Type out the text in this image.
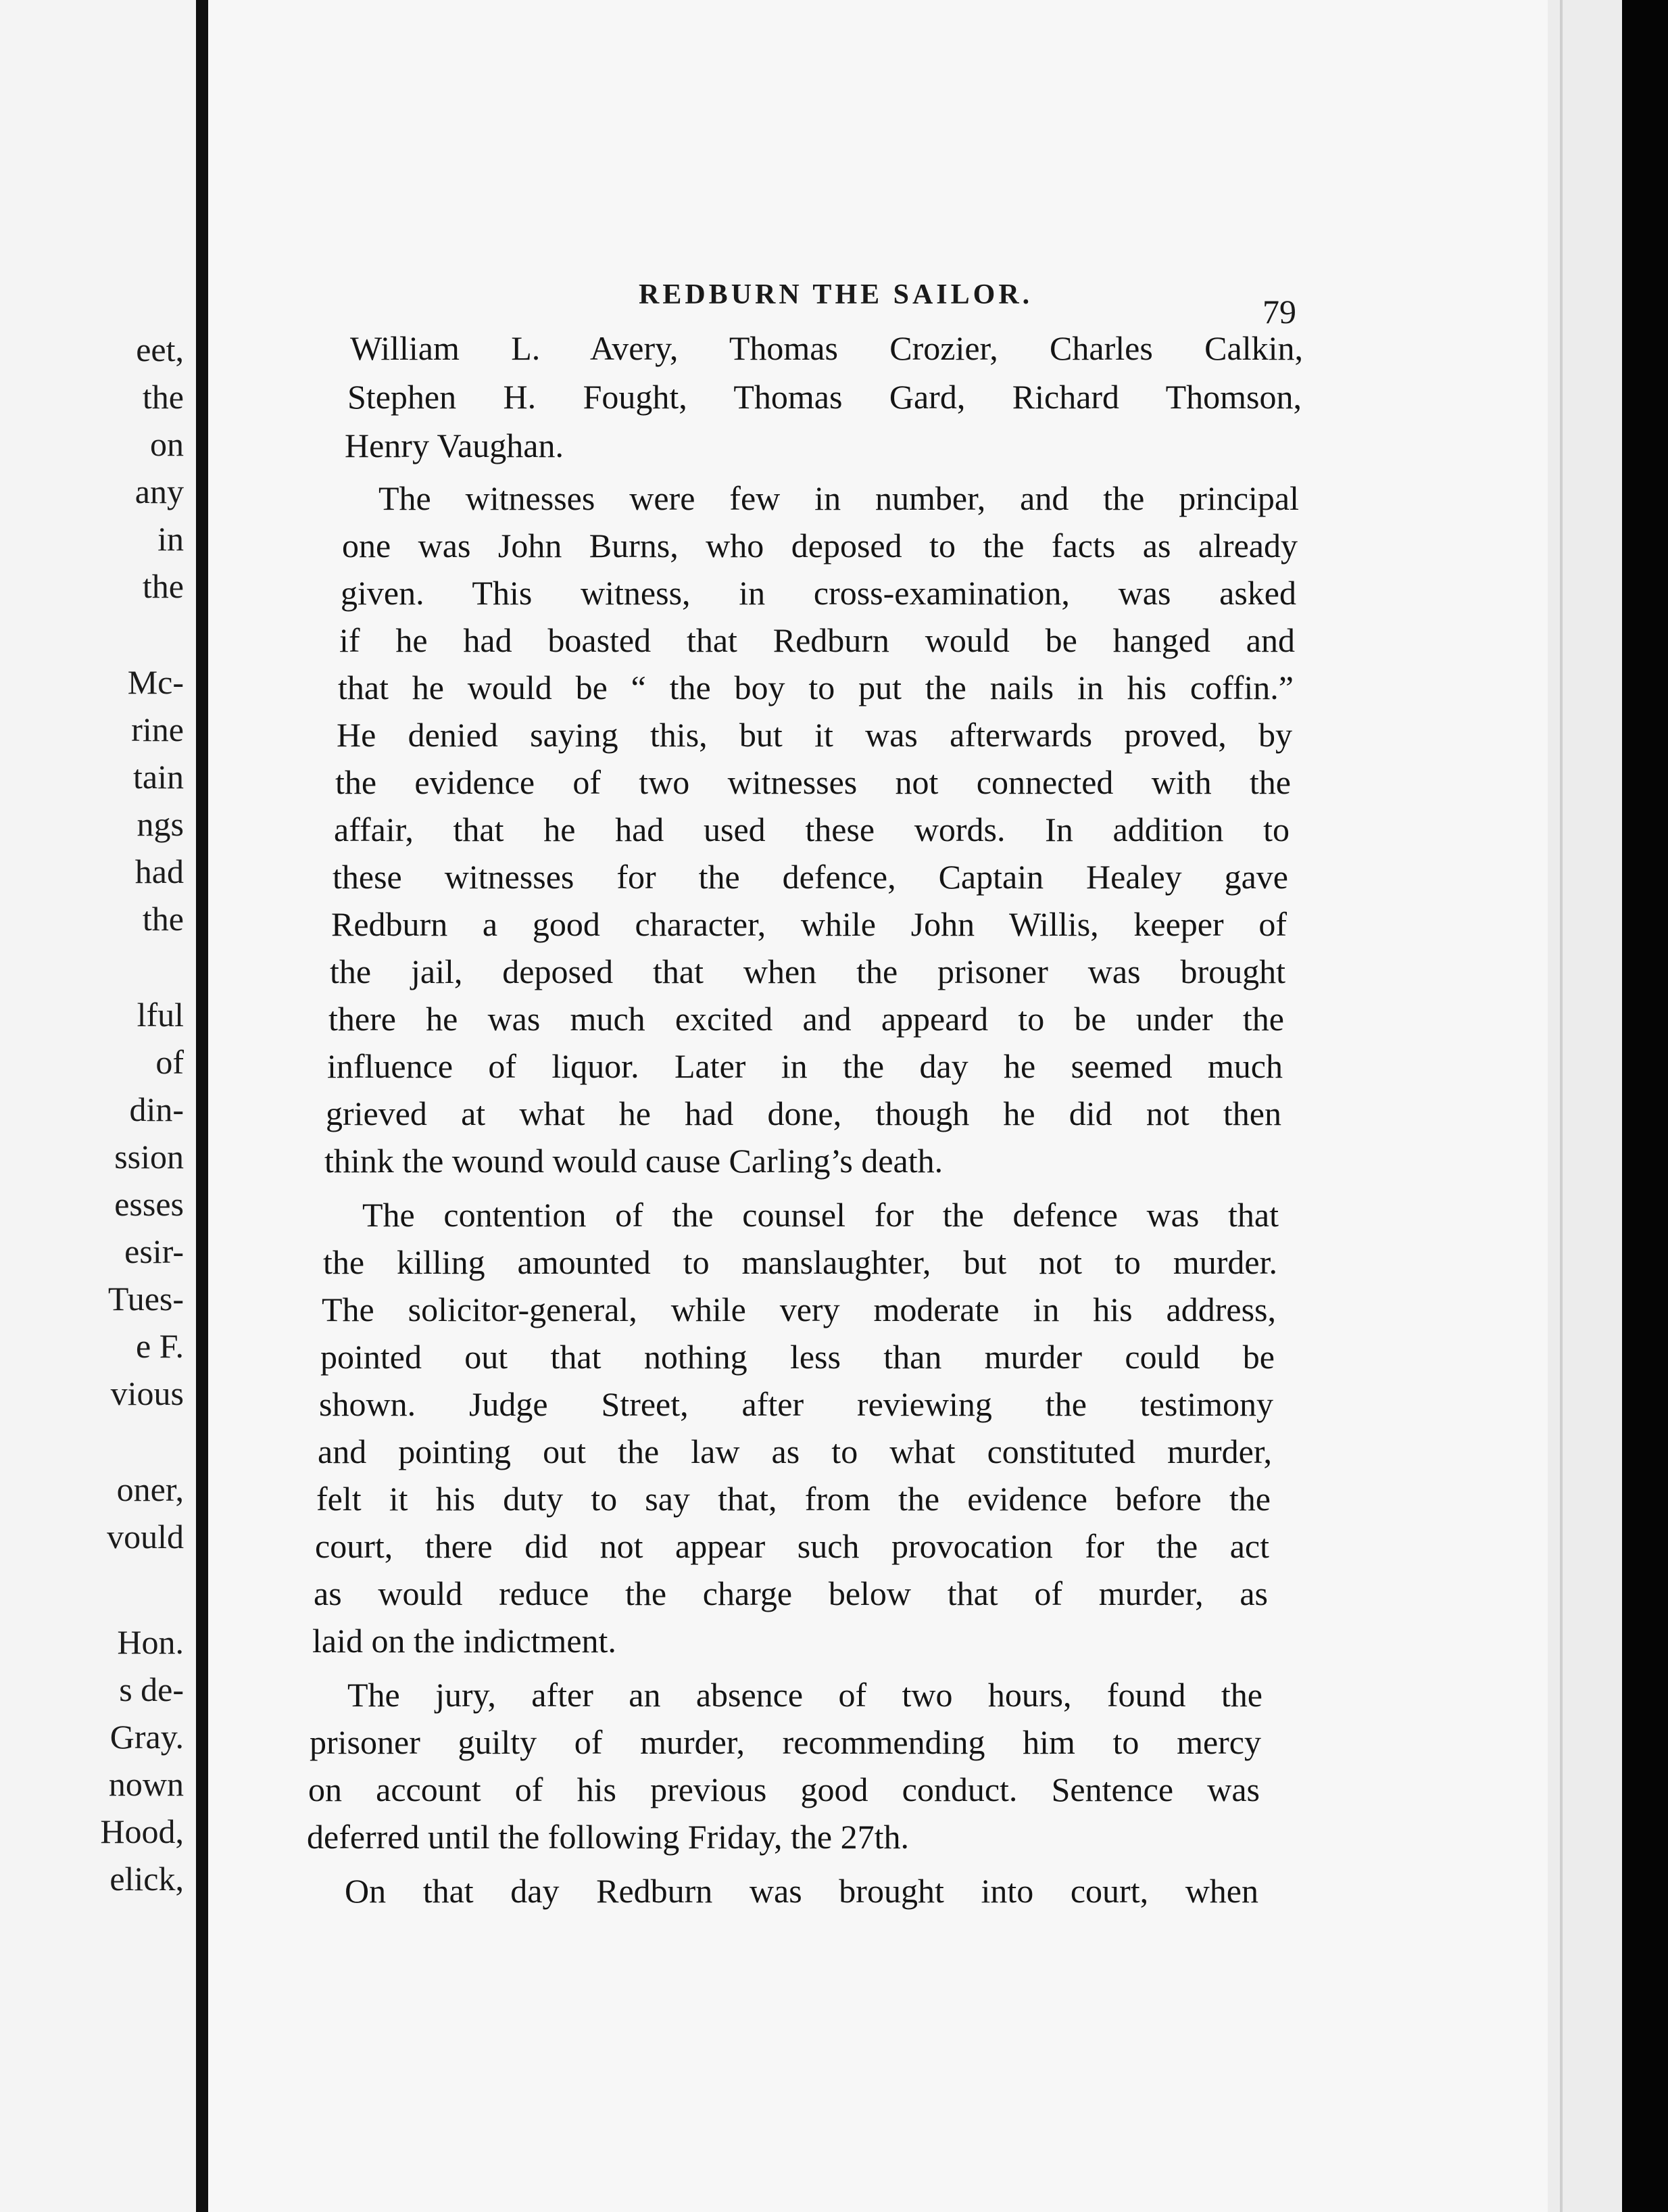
eet,

the

on

any

in

the

Mc-

rine

tain

ngs

had

the

lful

of

din-

ssion

esses

esir-

Tues-

e F.

vious

oner,

vould

Hon.

s de-

Gray.

nown

Hood,

elick,

REDBURN THE SAILOR.	79

William L. Avery, Thomas Crozier, Charles Calkin,

Stephen H. Fought, Thomas Gard, Richard Thomson,

Henry Vaughan.

The witnesses were few in number, and the principal

one was John Burns, who deposed to the facts as already

given. This witness, in cross-examination, was asked

if he had boasted that Redburn would be hanged and

that he would be “ the boy to put the nails in his coffin.”

He denied saying this, but it was afterwards proved, by

the evidence of two witnesses not connected with the

affair, that he had used these words. In addition to

these witnesses for the defence, Captain Healey gave

Redburn a good character, while John Willis, keeper of

the jail, deposed that when the prisoner was brought

there he was much excited and appeard to be under the

influence of liquor. Later in the day he seemed much

grieved at what he had done, though he did not then

think the wound would cause Carling’s death.

The contention of the counsel for the defence was that

the killing amounted to manslaughter, but not to murder.

The solicitor-general, while very moderate in his address,

pointed out that nothing less than murder could be

shown. Judge Street, after reviewing the testimony

and pointing out the law as to what constituted murder,

felt it his duty to say that, from the evidence before the

court, there did not appear such provocation for the act

as would reduce the charge below that of murder, as

laid on the indictment.

The jury, after an absence of two hours, found the

prisoner guilty of murder, recommending him to mercy

on account of his previous good conduct. Sentence was

deferred until the following Friday, the 27th.

On that day Redburn was brought into court, when
